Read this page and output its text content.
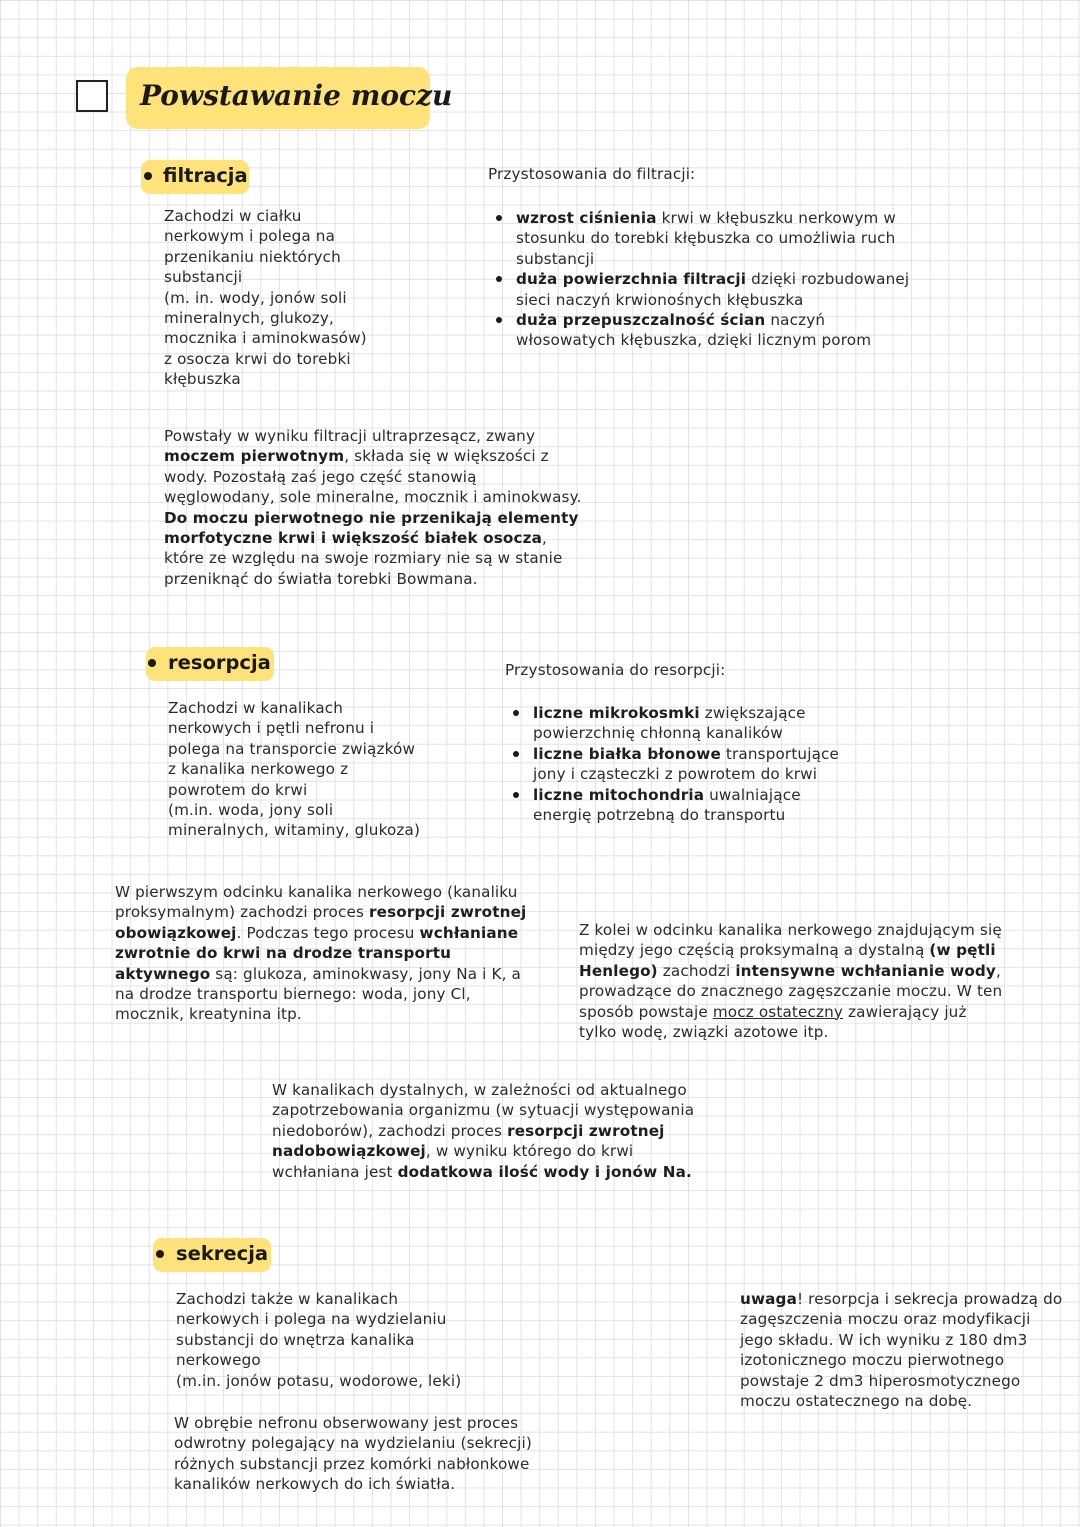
Powstawanie moczu
filtracja
Zachodzi w ciałku
nerkowym i polega na
przenikaniu niektórych
substancji
(m. in. wody, jonów soli
mineralnych, glukozy,
mocznika i aminokwasów)
z osocza krwi do torebki
kłębuszka
Przystosowania do filtracji:
wzrost ciśnienia krwi w kłębuszku nerkowym w stosunku do torebki kłębuszka co umożliwia ruch substancji
duża powierzchnia filtracji dzięki rozbudowanej sieci naczyń krwionośnych kłębuszka
duża przepuszczalność ścian naczyń włosowatych kłębuszka, dzięki licznym porom
Powstały w wyniku filtracji ultraprzesącz, zwany moczem pierwotnym, składa się w większości z wody. Pozostałą zaś jego część stanowią węglowodany, sole mineralne, mocznik i aminokwasy. Do moczu pierwotnego nie przenikają elementy morfotyczne krwi i większość białek osocza, które ze względu na swoje rozmiary nie są w stanie przeniknąć do światła torebki Bowmana.
resorpcja
Zachodzi w kanalikach
nerkowych i pętli nefronu i
polega na transporcie związków
z kanalika nerkowego z
powrotem do krwi
(m.in. woda, jony soli
mineralnych, witaminy, glukoza)
Przystosowania do resorpcji:
liczne mikrokosmki zwiększające powierzchnię chłonną kanalików
liczne białka błonowe transportujące jony i cząsteczki z powrotem do krwi
liczne mitochondria uwalniające energię potrzebną do transportu
W pierwszym odcinku kanalika nerkowego (kanaliku proksymalnym) zachodzi proces resorpcji zwrotnej obowiązkowej. Podczas tego procesu wchłaniane zwrotnie do krwi na drodze transportu aktywnego są: glukoza, aminokwasy, jony Na i K, a na drodze transportu biernego: woda, jony Cl, mocznik, kreatynina itp.
Z kolei w odcinku kanalika nerkowego znajdującym się między jego częścią proksymalną a dystalną (w pętli Henlego) zachodzi intensywne wchłanianie wody, prowadzące do znacznego zagęszczanie moczu. W ten sposób powstaje mocz ostateczny zawierający już tylko wodę, związki azotowe itp.
W kanalikach dystalnych, w zależności od aktualnego zapotrzebowania organizmu (w sytuacji występowania niedoborów), zachodzi proces resorpcji zwrotnej nadobowiązkowej, w wyniku którego do krwi wchłaniana jest dodatkowa ilość wody i jonów Na.
sekrecja
Zachodzi także w kanalikach
nerkowych i polega na wydzielaniu
substancji do wnętrza kanalika
nerkowego
(m.in. jonów potasu, wodorowe, leki)
W obrębie nefronu obserwowany jest proces odwrotny polegający na wydzielaniu (sekrecji) różnych substancji przez komórki nabłonkowe kanalików nerkowych do ich światła.
uwaga! resorpcja i sekrecja prowadzą do zagęszczenia moczu oraz modyfikacji jego składu. W ich wyniku z 180 dm3 izotonicznego moczu pierwotnego powstaje 2 dm3 hiperosmotycznego moczu ostatecznego na dobę.
